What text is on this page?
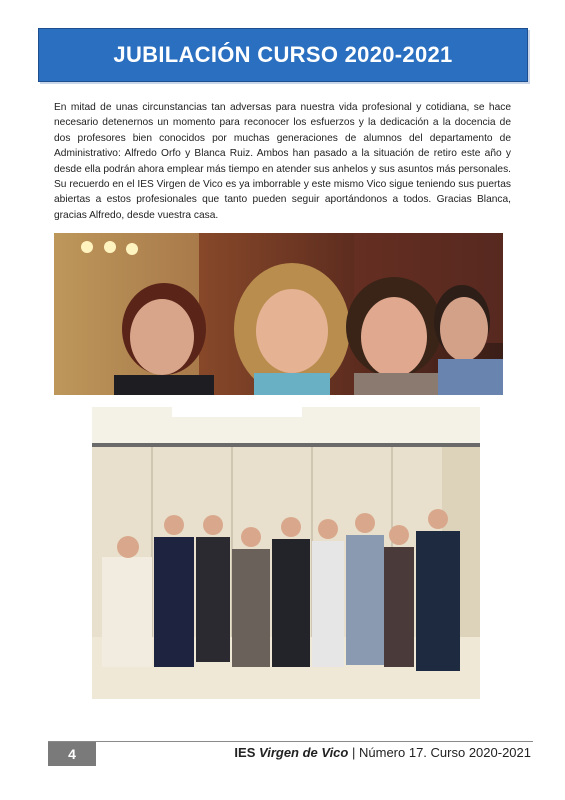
JUBILACIÓN CURSO 2020-2021

En mitad de unas circunstancias tan adversas para nuestra vida profesional y cotidiana, se hace necesario detenernos un momento para reconocer los esfuerzos y la dedicación a la docencia de dos profesores bien conocidos por muchas generaciones de alumnos del departamento de Administrativo: Alfredo Orfo y Blanca Ruiz. Ambos han pasado a la situación de retiro este año y desde ella podrán ahora emplear más tiempo en atender sus anhelos y sus asuntos más personales. Su recuerdo en el IES Virgen de Vico es ya imborrable y este mismo Vico sigue teniendo sus puertas abiertas a estos profesionales que tanto pueden seguir aportándonos a todos. Gracias Blanca, gracias Alfredo, desde vuestra casa.

4	IES Virgen de Vico | Número 17. Curso 2020-2021
